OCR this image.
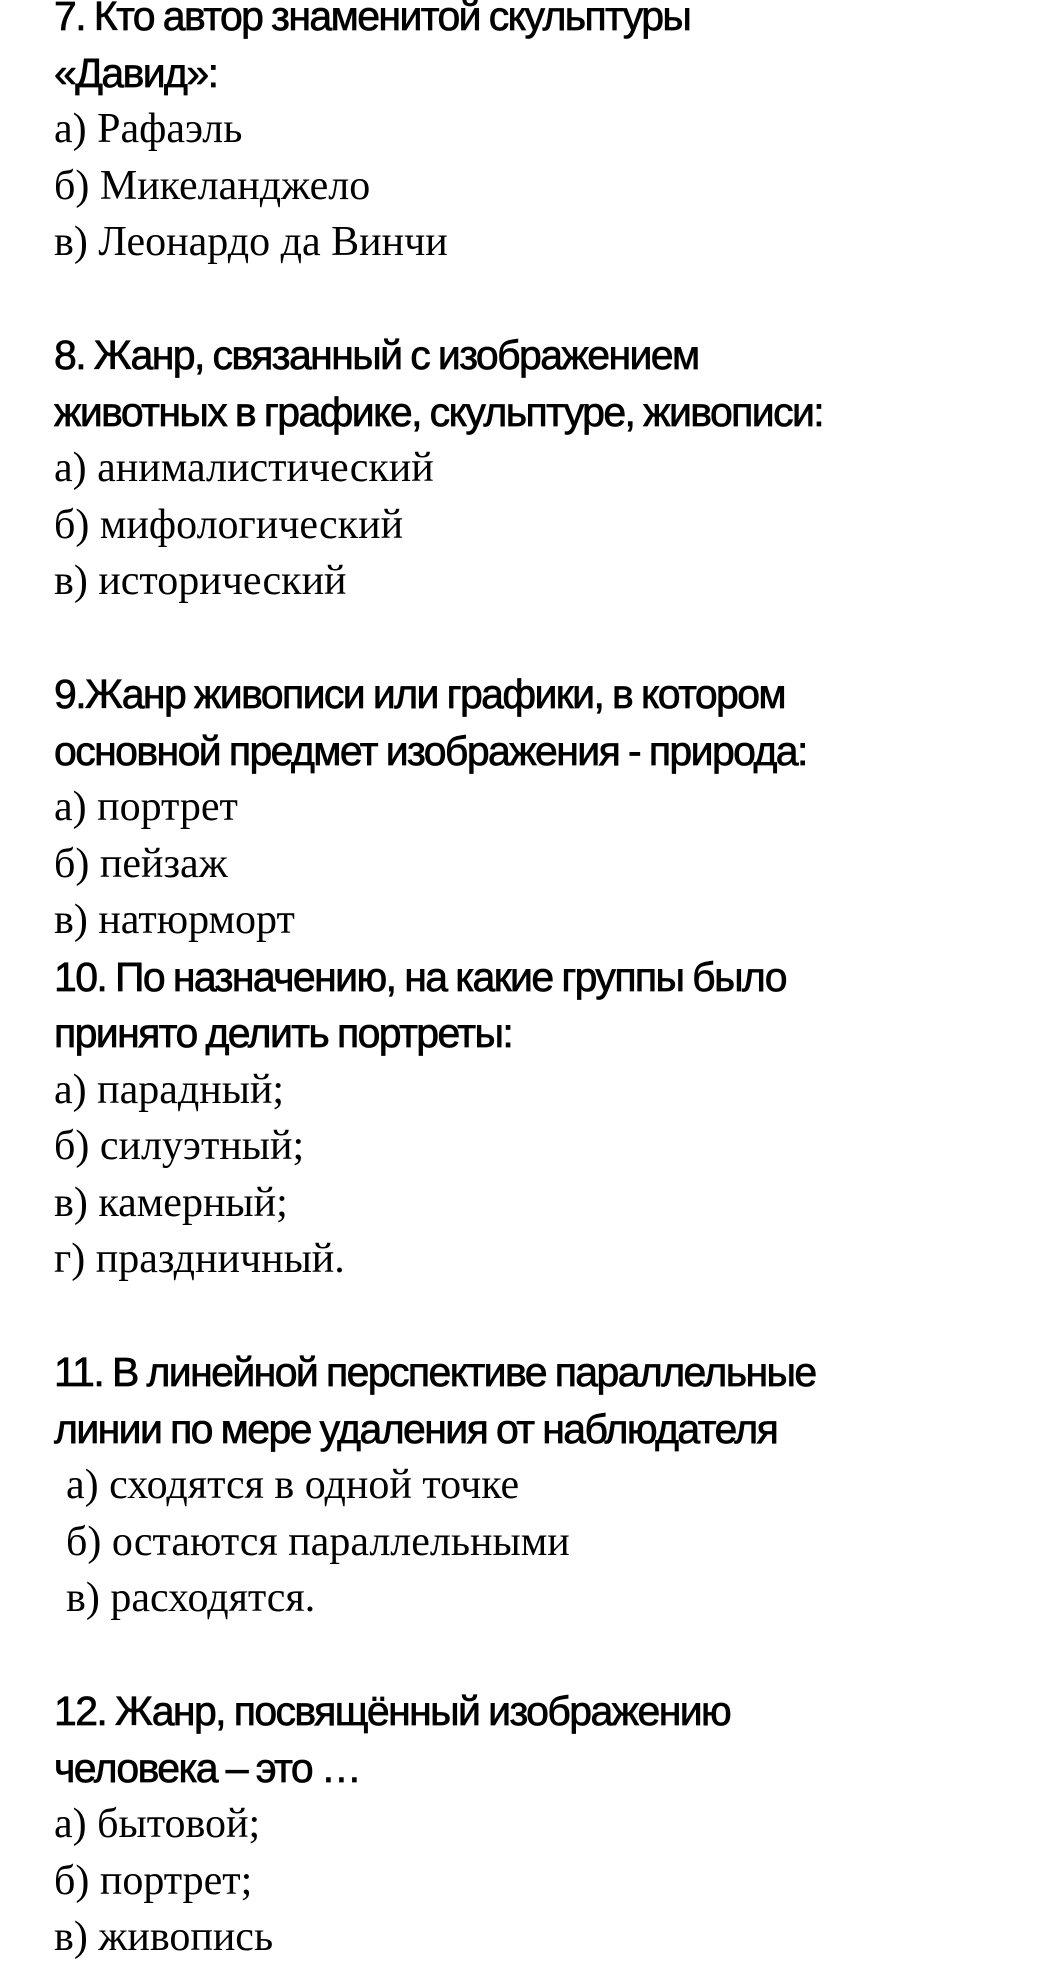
7. Кто автор знаменитой скульптуры
«Давид»:
а) Рафаэль
б) Микеланджело
в) Леонардо да Винчи
8. Жанр, связанный с изображением
животных в графике, скульптуре, живописи:
а) анималистический
б) мифологический
в) исторический
9.Жанр живописи или графики, в котором
основной предмет изображения - природа:
а) портрет
б) пейзаж
в) натюрморт
10. По назначению, на какие группы было
принято делить портреты:
а) парадный;
б) силуэтный;
в) камерный;
г) праздничный.
11. В линейной перспективе параллельные
линии по мере удаления от наблюдателя
а) сходятся в одной точке
б) остаются параллельными
в) расходятся.
12. Жанр, посвящённый изображению
человека – это …
а) бытовой;
б) портрет;
в) живопись
